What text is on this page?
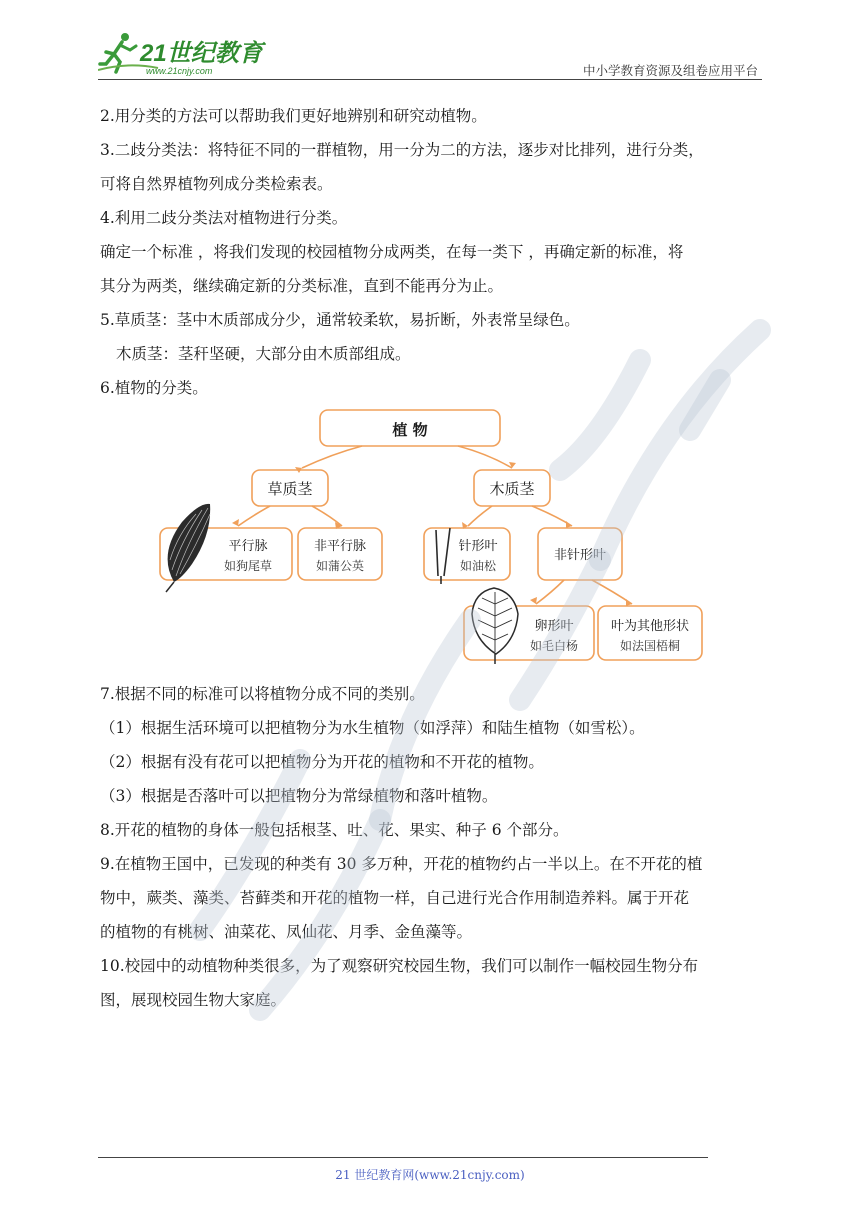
21世纪教育
www.21cnjy.com	中小学教育资源及组卷应用平台

2.用分类的方法可以帮助我们更好地辨别和研究动植物。

3.二歧分类法：将特征不同的一群植物，用一分为二的方法，逐步对比排列，进行分类，

可将自然界植物列成分类检索表。

4.利用二歧分类法对植物进行分类。

确定一个标准 ，将我们发现的校园植物分成两类，在每一类下 ，再确定新的标准，将

其分为两类，继续确定新的分类标准，直到不能再分为止。

5.草质茎：茎中木质部成分少，通常较柔软，易折断，外表常呈绿色。

木质茎：茎秆坚硬，大部分由木质部组成。

6.植物的分类。

植 物
草质茎	木质茎
平行脉
如狗尾草
非平行脉
如蒲公英
针形叶
如油松
非针形叶
卵形叶
如毛白杨
叶为其他形状
如法国梧桐

7.根据不同的标准可以将植物分成不同的类别。

（1）根据生活环境可以把植物分为水生植物（如浮萍）和陆生植物（如雪松）。

（2）根据有没有花可以把植物分为开花的植物和不开花的植物。

（3）根据是否落叶可以把植物分为常绿植物和落叶植物。

8.开花的植物的身体一般包括根茎、吐、花、果实、种子 6 个部分。

9.在植物王国中，已发现的种类有 30 多万种，开花的植物约占一半以上。在不开花的植

物中，蕨类、藻类、苔藓类和开花的植物一样，自己进行光合作用制造养料。属于开花

的植物的有桃树、油菜花、凤仙花、月季、金鱼藻等。

10.校园中的动植物种类很多，为了观察研究校园生物，我们可以制作一幅校园生物分布

图，展现校园生物大家庭。

21 世纪教育网(www.21cnjy.com)
